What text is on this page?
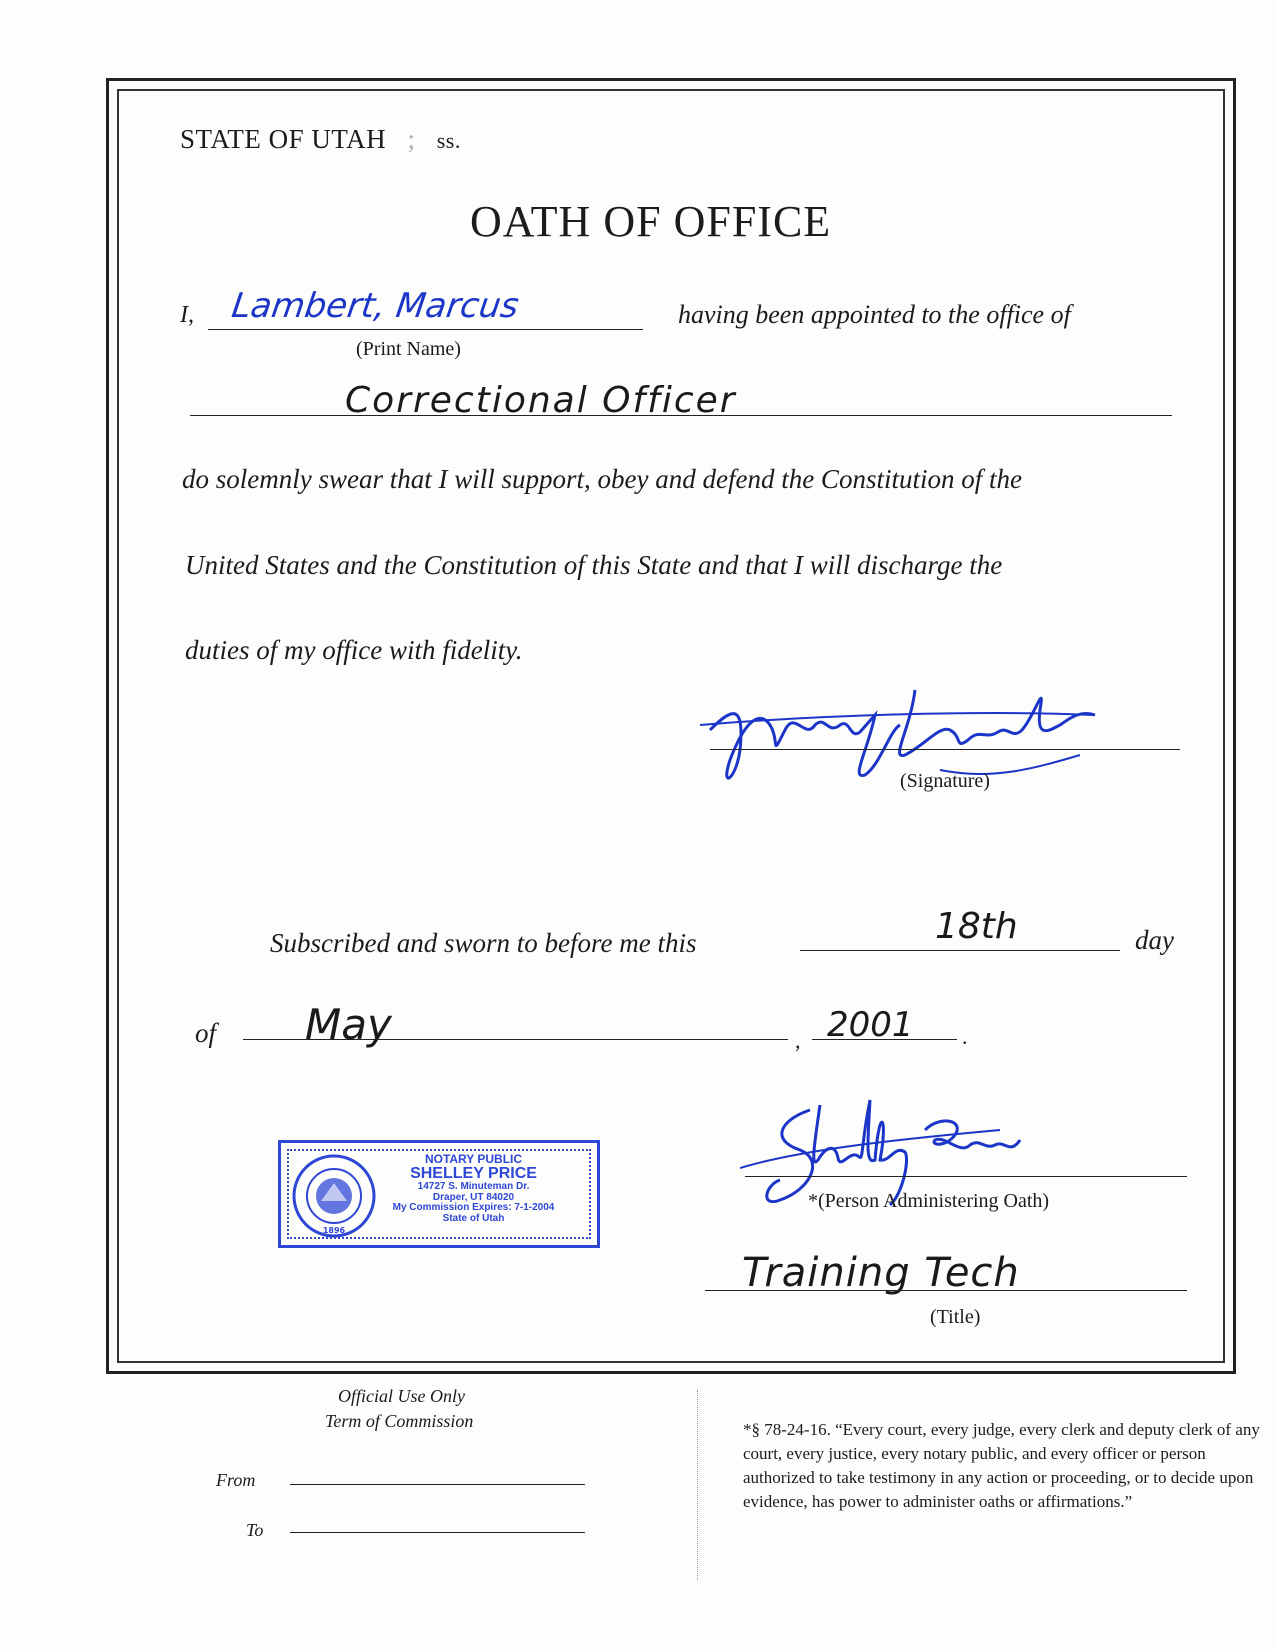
STATE OF UTAH ; ss.
OATH OF OFFICE
I, Lambert, Marcus
(Print Name)
having been appointed to the office of
Correctional Officer
do solemnly swear that I will support, obey and defend the Constitution of the
United States and the Constitution of this State and that I will discharge the
duties of my office with fidelity.
(Signature)
Subscribed and sworn to before me this	18th	day
of May	, 2001 .
1896
NOTARY PUBLIC
SHELLEY PRICE
14727 S. Minuteman Dr.
Draper, UT 84020
My Commission Expires: 7-1-2004
State of Utah
*(Person Administering Oath)
Training Tech
(Title)
Official Use Only
Term of Commission
From
To
*§ 78-24-16. “Every court, every judge, every clerk and deputy clerk of any court, every justice, every notary public, and every officer or person authorized to take testimony in any action or proceeding, or to decide upon evidence, has power to administer oaths or affirmations.”
